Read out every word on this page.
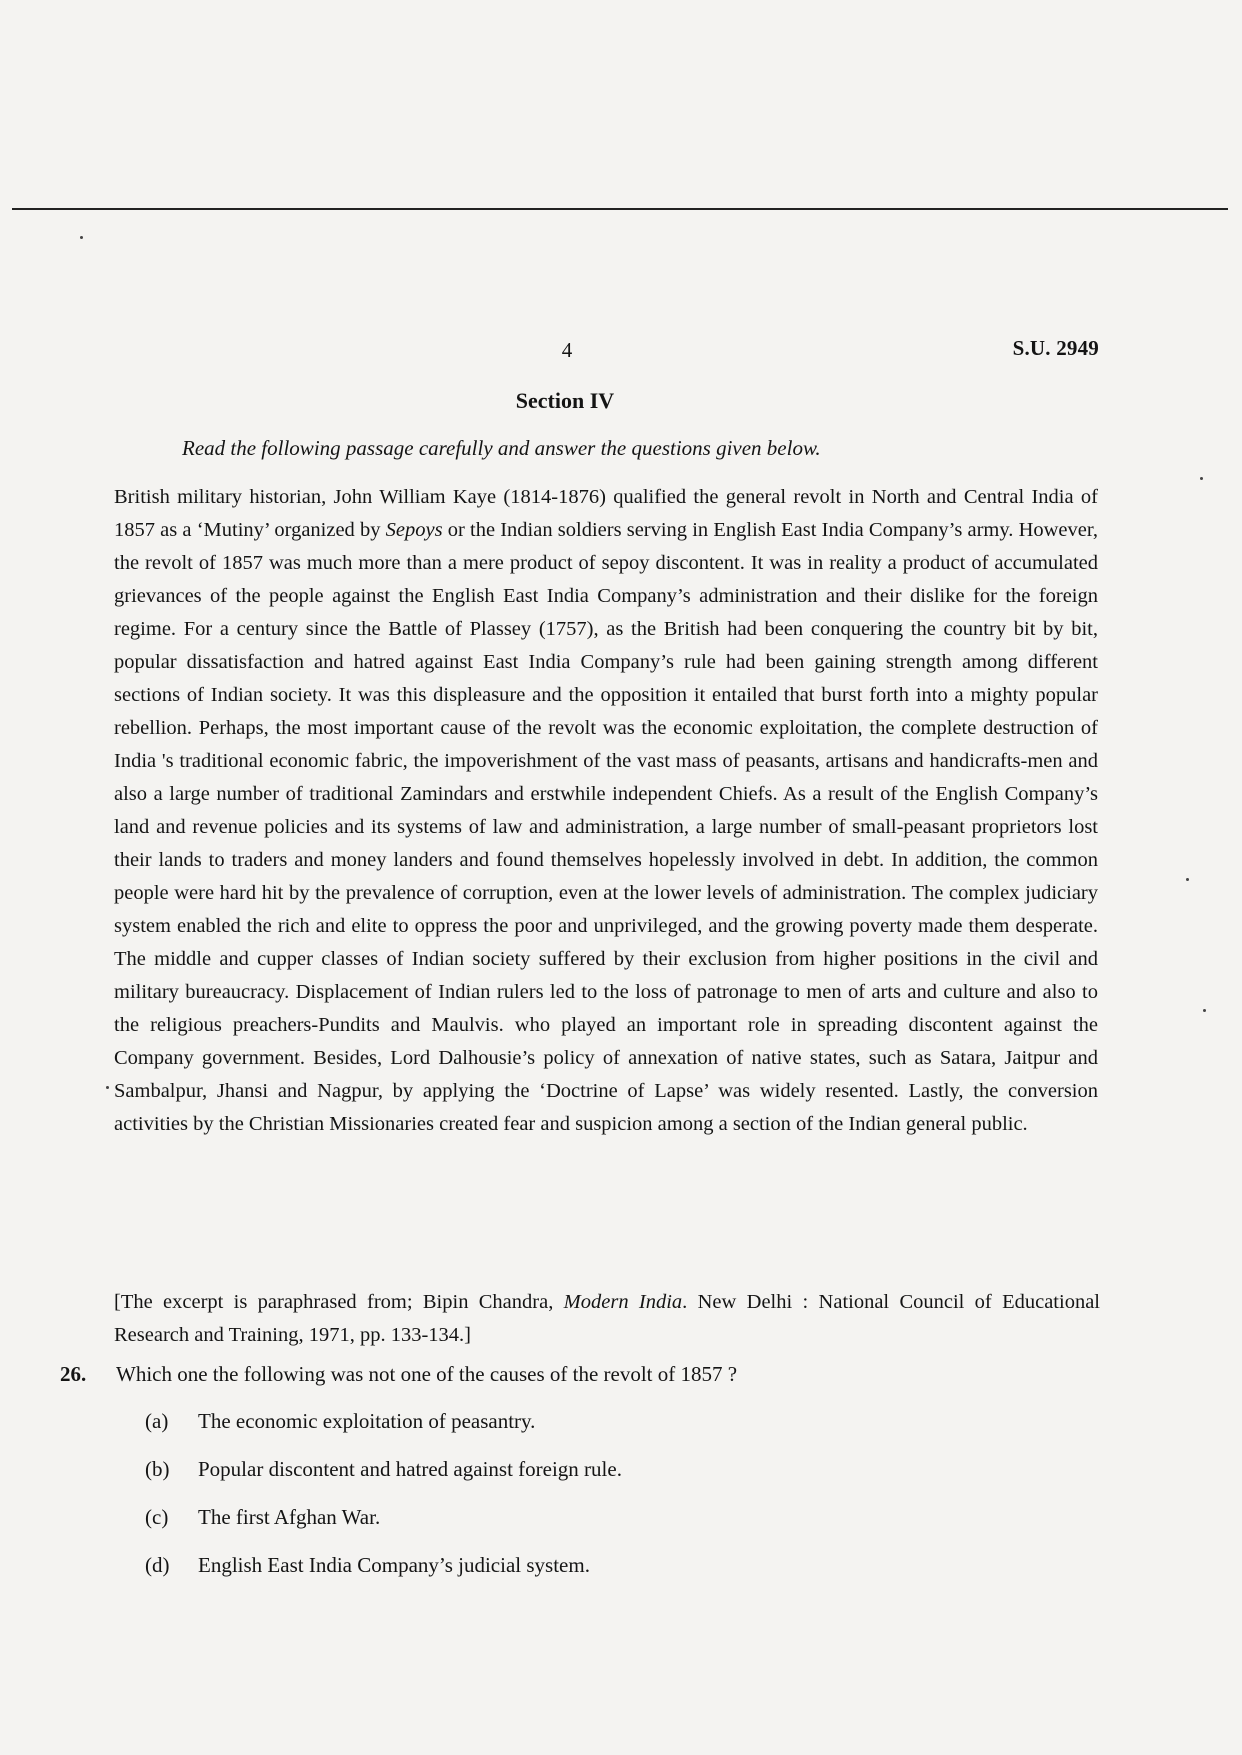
4	S.U. 2949
Section IV
Read the following passage carefully and answer the questions given below.

British military historian, John William Kaye (1814-1876) qualified the general revolt in North and Central India of 1857 as a ‘Mutiny’ organized by Sepoys or the Indian soldiers serving in English East India Company’s army. However, the revolt of 1857 was much more than a mere product of sepoy discontent. It was in reality a product of accumulated grievances of the people against the English East India Company’s administration and their dislike for the foreign regime. For a century since the Battle of Plassey (1757), as the British had been conquering the country bit by bit, popular dissatisfaction and hatred against East India Company’s rule had been gaining strength among different sections of Indian society. It was this displeasure and the opposition it entailed that burst forth into a mighty popular rebellion. Perhaps, the most important cause of the revolt was the economic exploitation, the complete destruction of India 's traditional economic fabric, the impoverishment of the vast mass of peasants, artisans and handicrafts-men and also a large number of traditional Zamindars and erstwhile independent Chiefs. As a result of the English Company’s land and revenue policies and its systems of law and administration, a large number of small-peasant proprietors lost their lands to traders and money landers and found themselves hopelessly involved in debt. In addition, the common people were hard hit by the prevalence of corruption, even at the lower levels of administration. The complex judiciary system enabled the rich and elite to oppress the poor and unprivileged, and the growing poverty made them desperate. The middle and cupper classes of Indian society suffered by their exclusion from higher positions in the civil and military bureaucracy. Displacement of Indian rulers led to the loss of patronage to men of arts and culture and also to the religious preachers-Pundits and Maulvis. who played an important role in spreading discontent against the Company government. Besides, Lord Dalhousie’s policy of annexation of native states, such as Satara, Jaitpur and Sambalpur, Jhansi and Nagpur, by applying the ‘Doctrine of Lapse’ was widely resented. Lastly, the conversion activities by the Christian Missionaries created fear and suspicion among a section of the Indian general public.

[The excerpt is paraphrased from; Bipin Chandra, Modern India. New Delhi : National Council of Educational Research and Training, 1971, pp. 133-134.]

26. Which one the following was not one of the causes of the revolt of 1857 ?
(a) The economic exploitation of peasantry.
(b) Popular discontent and hatred against foreign rule.
(c) The first Afghan War.
(d) English East India Company’s judicial system.
